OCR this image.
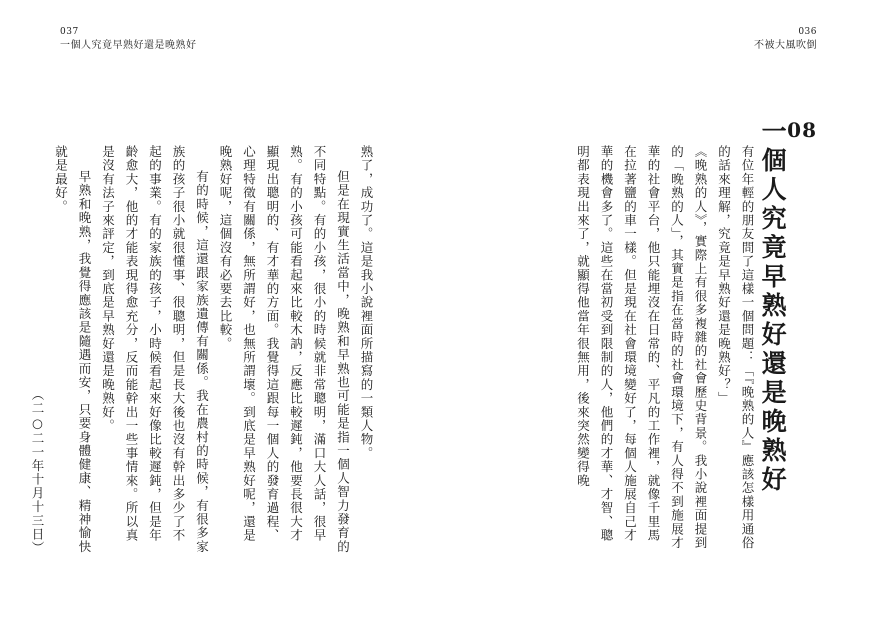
037
一個人究竟早熟好還是晚熟好

熟了，成功了。這是我小說裡面所描寫的一類人物。

但是在現實生活當中，晚熟和早熟也可能是指一個人智力發育的不同特點。有的小孩，很小的時候就非常聰明，滿口大人話，很早熟。有的小孩可能看起來比較木訥，反應比較遲鈍，他要長很大才顯現出聰明的、有才華的方面。我覺得這跟每一個人的發育過程、心理特徵有關係，無所謂好，也無所謂壞。到底是早熟好呢，還是晚熟好呢，這個沒有必要去比較。

有的時候，這還跟家族遺傳有關係。我在農村的時候，有很多家族的孩子很小就很懂事、很聰明，但是長大後也沒有幹出多少了不起的事業。有的家族的孩子，小時候看起來好像比較遲鈍，但是年齡愈大，他的才能表現得愈充分，反而能幹出一些事情來。所以真是沒有法子來評定，到底是早熟好還是晚熟好。

早熟和晚熟，我覺得應該是隨遇而安，只要身體健康、精神愉快就是最好。

（二○二一年十月十三日）

036
不被大風吹倒
08
一個人究竟早熟好還是晚熟好

有位年輕的朋友問了這樣一個問題：「『晚熟的人』應該怎樣用通俗的話來理解，究竟是早熟好還是晚熟好？」

《晚熟的人》，實際上有很多複雜的社會歷史背景。我小說裡面提到的「晚熟的人」，其實是指在當時的社會環境下，有人得不到施展才華的社會平台，他只能埋沒在日常的、平凡的工作裡，就像千里馬在拉著鹽的車一樣。但是現在社會環境變好了，每個人施展自己才華的機會多了。這些在當初受到限制的人，他們的才華、才智、聰明都表現出來了，就顯得他當年很無用，後來突然變得晚
